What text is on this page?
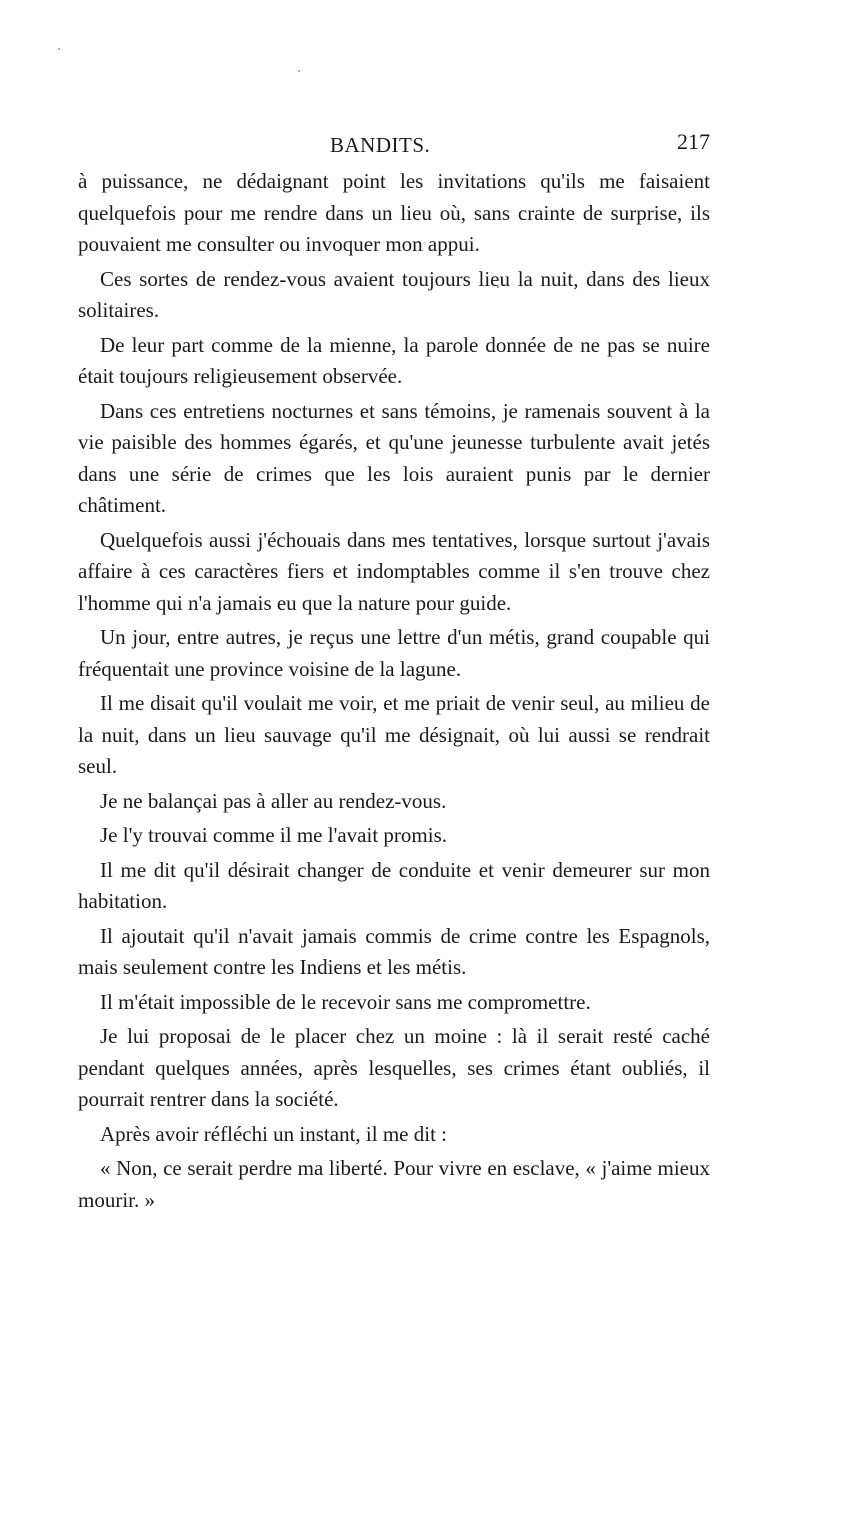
BANDITS.	217

à puissance, ne dédaignant point les invitations qu'ils me faisaient quelquefois pour me rendre dans un lieu où, sans crainte de surprise, ils pouvaient me consulter ou invoquer mon appui.

Ces sortes de rendez-vous avaient toujours lieu la nuit, dans des lieux solitaires.

De leur part comme de la mienne, la parole donnée de ne pas se nuire était toujours religieusement observée.

Dans ces entretiens nocturnes et sans témoins, je ramenais souvent à la vie paisible des hommes égarés, et qu'une jeunesse turbulente avait jetés dans une série de crimes que les lois auraient punis par le dernier châtiment.

Quelquefois aussi j'échouais dans mes tentatives, lorsque surtout j'avais affaire à ces caractères fiers et indomptables comme il s'en trouve chez l'homme qui n'a jamais eu que la nature pour guide.

Un jour, entre autres, je reçus une lettre d'un métis, grand coupable qui fréquentait une province voisine de la lagune.

Il me disait qu'il voulait me voir, et me priait de venir seul, au milieu de la nuit, dans un lieu sauvage qu'il me désignait, où lui aussi se rendrait seul.

Je ne balançai pas à aller au rendez-vous.

Je l'y trouvai comme il me l'avait promis.

Il me dit qu'il désirait changer de conduite et venir demeurer sur mon habitation.

Il ajoutait qu'il n'avait jamais commis de crime contre les Espagnols, mais seulement contre les Indiens et les métis.

Il m'était impossible de le recevoir sans me compromettre.

Je lui proposai de le placer chez un moine : là il serait resté caché pendant quelques années, après lesquelles, ses crimes étant oubliés, il pourrait rentrer dans la société.

Après avoir réfléchi un instant, il me dit :

« Non, ce serait perdre ma liberté. Pour vivre en esclave, « j'aime mieux mourir. »
